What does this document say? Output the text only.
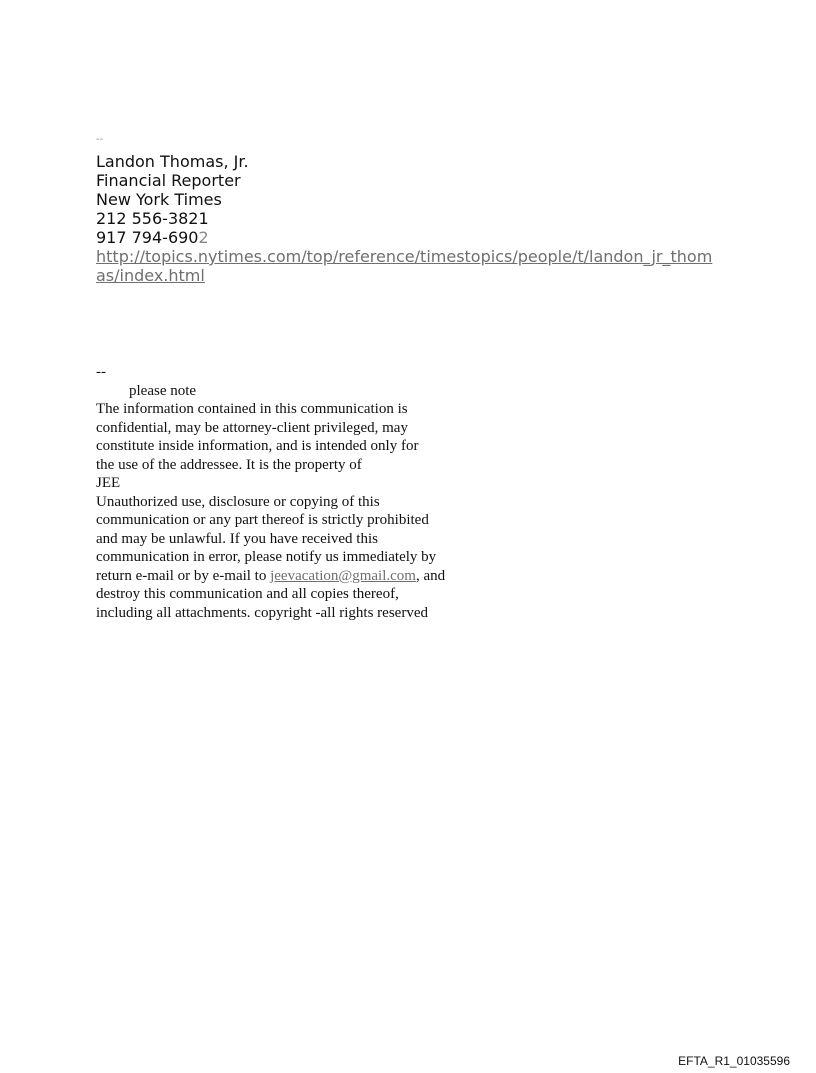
--
Landon Thomas, Jr.
Financial Reporter
New York Times
212 556-3821
917 794-6902
http://topics.nytimes.com/top/reference/timestopics/people/t/landon_jr_thomas/index.html
--
please note
The information contained in this communication is
confidential, may be attorney-client privileged, may
constitute inside information, and is intended only for
the use of the addressee. It is the property of
JEE
Unauthorized use, disclosure or copying of this
communication or any part thereof is strictly prohibited
and may be unlawful. If you have received this
communication in error, please notify us immediately by
return e-mail or by e-mail to jeevacation@gmail.com, and
destroy this communication and all copies thereof,
including all attachments. copyright -all rights reserved
EFTA_R1_01035596
